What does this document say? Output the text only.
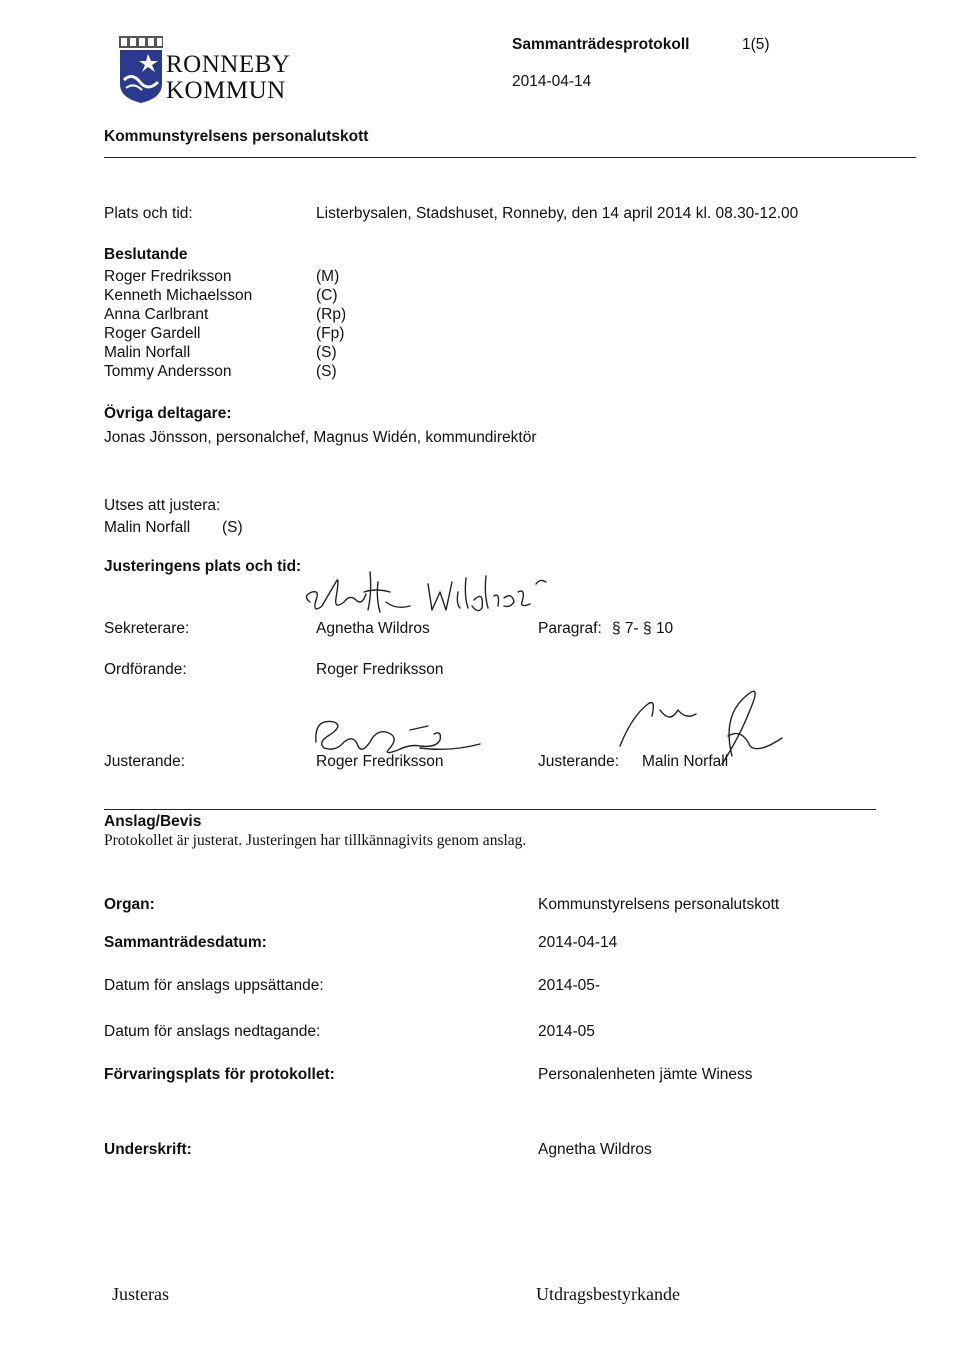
RONNEBY
KOMMUN
Sammanträdesprotokoll	1(5)
2014-04-14
Kommunstyrelsens personalutskott
Plats och tid:	Listerbysalen, Stadshuset, Ronneby, den 14 april 2014 kl. 08.30-12.00
Beslutande
Roger Fredriksson	(M)
Kenneth Michaelsson	(C)
Anna Carlbrant	(Rp)
Roger Gardell	(Fp)
Malin Norfall	(S)
Tommy Andersson	(S)
Övriga deltagare:
Jonas Jönsson, personalchef, Magnus Widén, kommundirektör
Utses att justera:
Malin Norfall (S)
Justeringens plats och tid:
Sekreterare:	Agnetha Wildros	Paragraf: § 7- § 10
Ordförande:	Roger Fredriksson
Justerande:	Roger Fredriksson	Justerande: Malin Norfall
Anslag/Bevis
Protokollet är justerat. Justeringen har tillkännagivits genom anslag.
Organ:	Kommunstyrelsens personalutskott
Sammanträdesdatum:	2014-04-14
Datum för anslags uppsättande:	2014-05-
Datum för anslags nedtagande:	2014-05
Förvaringsplats för protokollet:	Personalenheten jämte Winess
Underskrift:	Agnetha Wildros
Justeras	Utdragsbestyrkande
